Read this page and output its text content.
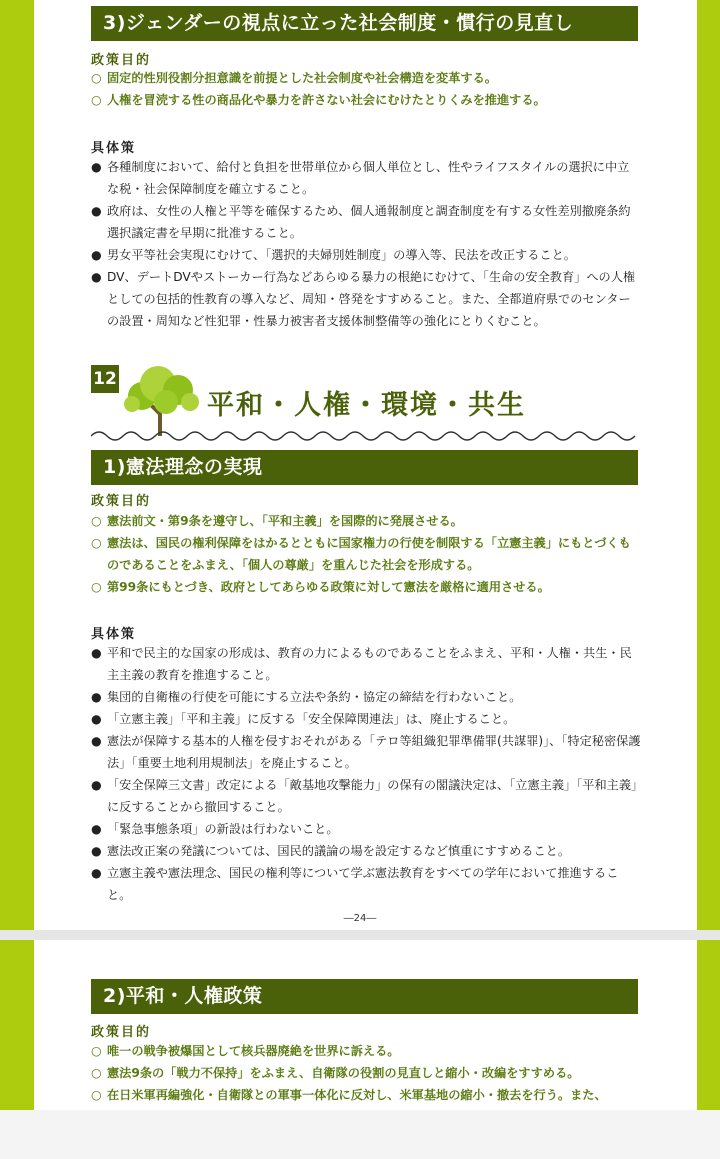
3)ジェンダーの視点に立った社会制度・慣行の見直し
政策目的
○ 固定的性別役割分担意識を前提とした社会制度や社会構造を変革する。
○ 人権を冒涜する性の商品化や暴力を許さない社会にむけたとりくみを推進する。
具体策
● 各種制度において、給付と負担を世帯単位から個人単位とし、性やライフスタイルの選択に中立な税・社会保障制度を確立すること。
● 政府は、女性の人権と平等を確保するため、個人通報制度と調査制度を有する女性差別撤廃条約選択議定書を早期に批准すること。
● 男女平等社会実現にむけて、「選択的夫婦別姓制度」の導入等、民法を改正すること。
● DV、デートDVやストーカー行為などあらゆる暴力の根絶にむけて、「生命の安全教育」への人権としての包括的性教育の導入など、周知・啓発をすすめること。また、全都道府県でのセンターの設置・周知など性犯罪・性暴力被害者支援体制整備等の強化にとりくむこと。
12
平和・人権・環境・共生
1)憲法理念の実現
政策目的
○ 憲法前文・第9条を遵守し、「平和主義」を国際的に発展させる。
○ 憲法は、国民の権利保障をはかるとともに国家権力の行使を制限する「立憲主義」にもとづくものであることをふまえ、「個人の尊厳」を重んじた社会を形成する。
○ 第99条にもとづき、政府としてあらゆる政策に対して憲法を厳格に適用させる。
具体策
● 平和で民主的な国家の形成は、教育の力によるものであることをふまえ、平和・人権・共生・民主主義の教育を推進すること。
● 集団的自衛権の行使を可能にする立法や条約・協定の締結を行わないこと。
● 「立憲主義」「平和主義」に反する「安全保障関連法」は、廃止すること。
● 憲法が保障する基本的人権を侵すおそれがある「テロ等組織犯罪準備罪(共謀罪)」、「特定秘密保護法」「重要土地利用規制法」を廃止すること。
● 「安全保障三文書」改定による「敵基地攻撃能力」の保有の閣議決定は、「立憲主義」「平和主義」に反することから撤回すること。
● 「緊急事態条項」の新設は行わないこと。
● 憲法改正案の発議については、国民的議論の場を設定するなど慎重にすすめること。
● 立憲主義や憲法理念、国民の権利等について学ぶ憲法教育をすべての学年において推進すること。
―24―
2)平和・人権政策
政策目的
○ 唯一の戦争被爆国として核兵器廃絶を世界に訴える。
○ 憲法9条の「戦力不保持」をふまえ、自衛隊の役割の見直しと縮小・改編をすすめる。
○ 在日米軍再編強化・自衛隊との軍事一体化に反対し、米軍基地の縮小・撤去を行う。また、
